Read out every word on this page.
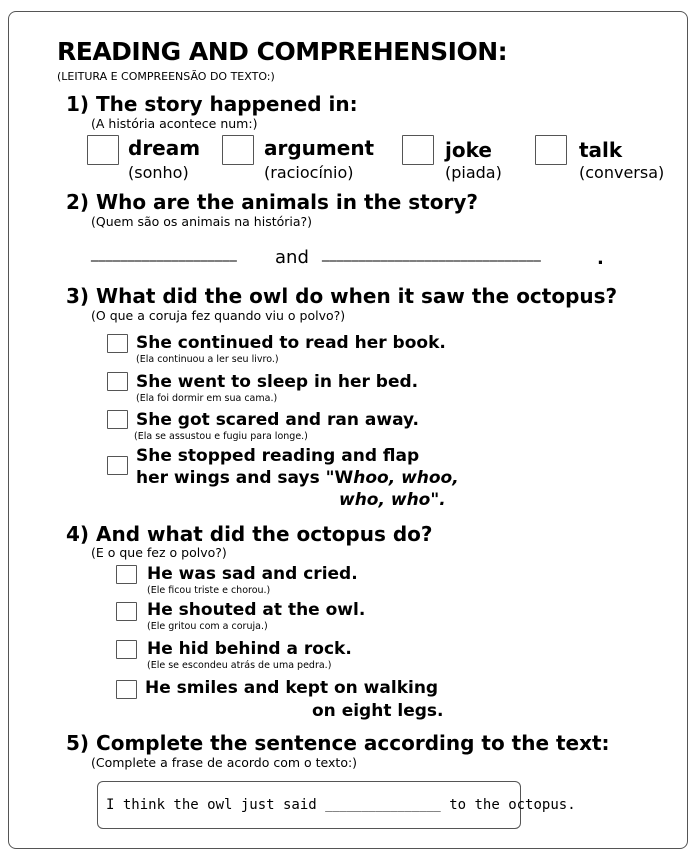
READING AND COMPREHENSION:
(LEITURA E COMPREENSÃO DO TEXTO:)
1) The story happened in:
(A história acontece num:)
dream
(sonho)
argument
(raciocínio)
joke
(piada)
talk
(conversa)
2) Who are the animals in the story?
(Quem são os animais na história?)
____________________ and ______________________________	.
3) What did the owl do when it saw the octopus?
(O que a coruja fez quando viu o polvo?)
She continued to read her book.
(Ela continuou a ler seu livro.)
She went to sleep in her bed.
(Ela foi dormir em sua cama.)
She got scared and ran away.
(Ela se assustou e fugiu para longe.)
She stopped reading and flap
her wings and says "Whoo, whoo,
who, who".
4) And what did the octopus do?
(E o que fez o polvo?)
He was sad and cried.
(Ele ficou triste e chorou.)
He shouted at the owl.
(Ele gritou com a coruja.)
He hid behind a rock.
(Ele se escondeu atrás de uma pedra.)
He smiles and kept on walking
on eight legs.
5) Complete the sentence according to the text:
(Complete a frase de acordo com o texto:)
I think the owl just said ________________ to the octopus.
